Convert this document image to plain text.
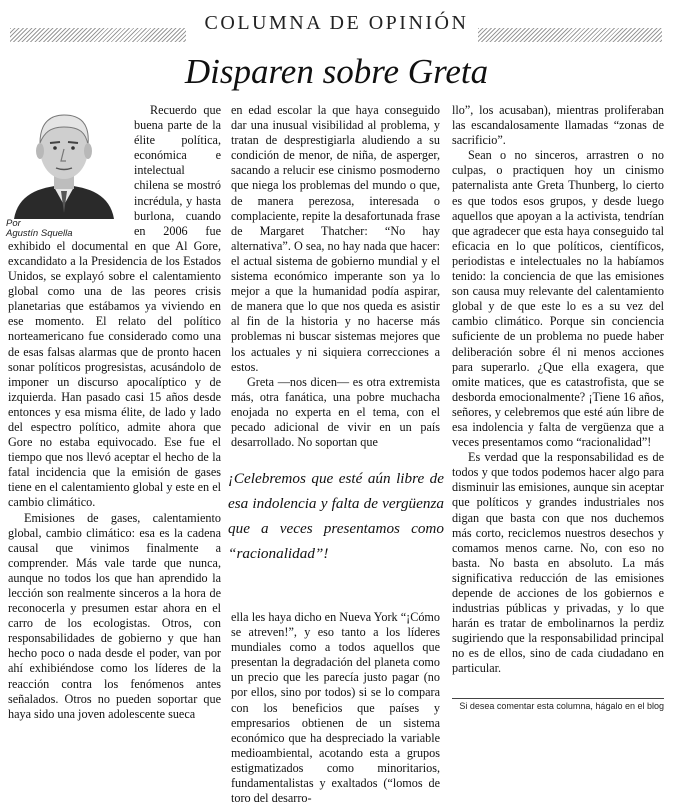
COLUMNA DE OPINIÓN
Disparen sobre Greta
Por
Agustín Squella

Recuerdo que buena parte de la élite política, económica e intelectual chilena se mostró incrédula, y hasta burlona, cuando en 2006 fue exhibido el documental en que Al Gore, excandidato a la Presidencia de los Estados Unidos, se explayó sobre el calentamiento global como una de las peores crisis planetarias que estábamos ya viviendo en ese momento. El relato del político norteamericano fue considerado como una de esas falsas alarmas que de pronto hacen sonar políticos progresistas, acusándolo de imponer un discurso apocalíptico y de izquierda. Han pasado casi 15 años desde entonces y esa misma élite, de lado y lado del espectro político, admite ahora que Gore no estaba equivocado. Ese fue el tiempo que nos llevó aceptar el hecho de la fatal incidencia que la emisión de gases tiene en el calentamiento global y este en el cambio climático.

Emisiones de gases, calentamiento global, cambio climático: esa es la cadena causal que vinimos finalmente a comprender. Más vale tarde que nunca, aunque no todos los que han aprendido la lección son realmente sinceros a la hora de reconocerla y presumen estar ahora en el carro de los ecologistas. Otros, con responsabilidades de gobierno y que han hecho poco o nada desde el poder, van por ahí exhibiéndose como los líderes de la reacción contra los fenómenos antes señalados. Otros no pueden soportar que haya sido una joven adolescente sueca

en edad escolar la que haya conseguido dar una inusual visibilidad al problema, y tratan de desprestigiarla aludiendo a su condición de menor, de niña, de asperger, sacando a relucir ese cinismo posmoderno que niega los problemas del mundo o que, de manera perezosa, interesada o complaciente, repite la desafortunada frase de Margaret Thatcher: “No hay alternativa”. O sea, no hay nada que hacer: el actual sistema de gobierno mundial y el sistema económico imperante son ya lo mejor a que la humanidad podía aspirar, de manera que lo que nos queda es asistir al fin de la historia y no hacerse más problemas ni buscar sistemas mejores que los actuales y ni siquiera correcciones a estos.

Greta —nos dicen— es otra extremista más, otra fanática, una pobre muchacha enojada no experta en el tema, con el pecado adicional de vivir en un país desarrollado. No soportan que

¡Celebremos que esté aún libre de esa indolencia y falta de vergüenza que a veces presentamos como “racionalidad”!

ella les haya dicho en Nueva York “¡Cómo se atreven!”, y eso tanto a los líderes mundiales como a todos aquellos que presentan la degradación del planeta como un precio que les parecía justo pagar (no por ellos, sino por todos) si se lo compara con los beneficios que países y empresarios obtienen de un sistema económico que ha despreciado la variable medioambiental, acotando esta a grupos estigmatizados como minoritarios, fundamentalistas y exaltados (“lomos de toro del desarro-

llo”, los acusaban), mientras proliferaban las escandalosamente llamadas “zonas de sacrificio”.

Sean o no sinceros, arrastren o no culpas, o practiquen hoy un cinismo paternalista ante Greta Thunberg, lo cierto es que todos esos grupos, y desde luego aquellos que apoyan a la activista, tendrían que agradecer que esta haya conseguido tal eficacia en lo que políticos, científicos, periodistas e intelectuales no la habíamos tenido: la conciencia de que las emisiones son causa muy relevante del calentamiento global y de que este lo es a su vez del cambio climático. Porque sin conciencia suficiente de un problema no puede haber deliberación sobre él ni menos acciones para superarlo. ¿Que ella exagera, que omite matices, que es catastrofista, que se desborda emocionalmente? ¡Tiene 16 años, señores, y celebremos que esté aún libre de esa indolencia y falta de vergüenza que a veces presentamos como “racionalidad”!

Es verdad que la responsabilidad es de todos y que todos podemos hacer algo para disminuir las emisiones, aunque sin aceptar que políticos y grandes industriales nos digan que basta con que nos duchemos más corto, reciclemos nuestros desechos y comamos menos carne. No, con eso no basta. No basta en absoluto. La más significativa reducción de las emisiones depende de acciones de los gobiernos e industrias públicas y privadas, y lo que harán es tratar de embolinarnos la perdiz sugiriendo que la responsabilidad principal no es de ellos, sino de cada ciudadano en particular.

Si desea comentar esta columna, hágalo en el blog
